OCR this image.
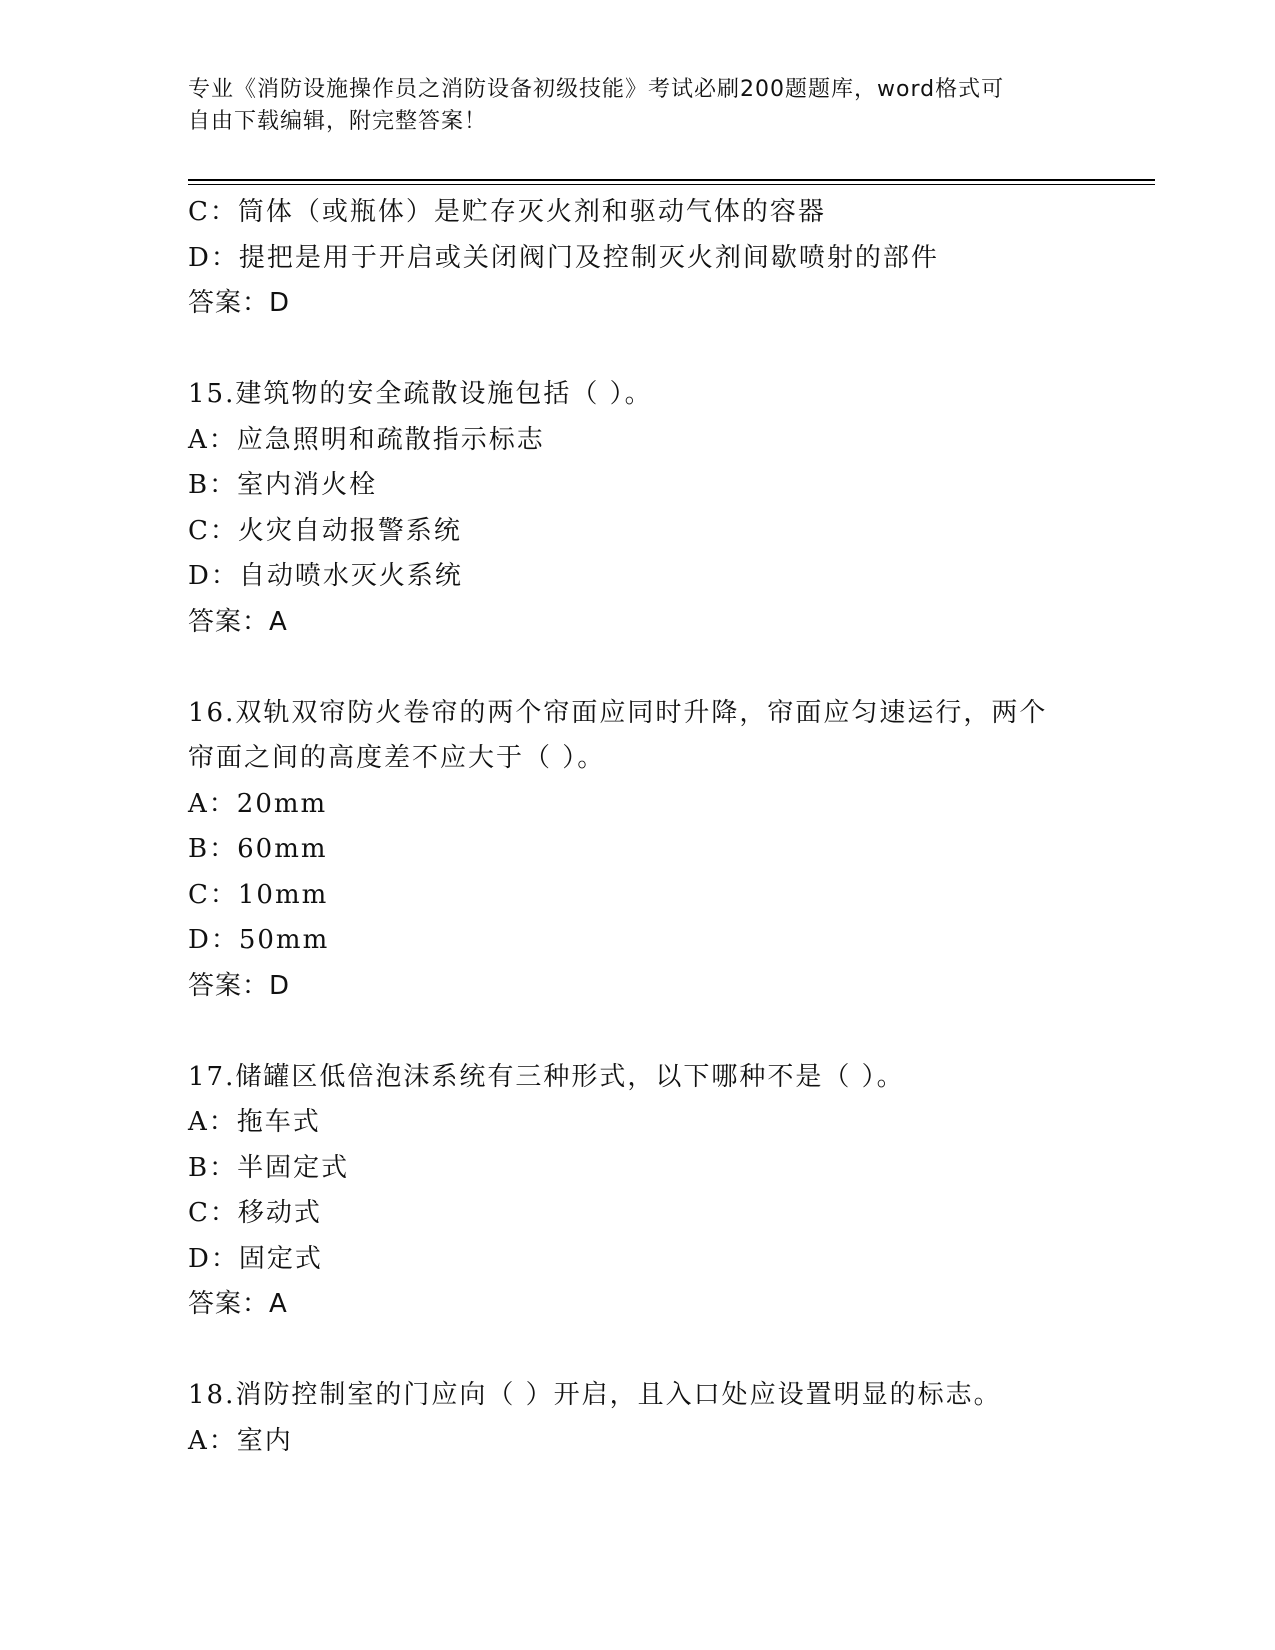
专业《消防设施操作员之消防设备初级技能》考试必刷200题题库，word格式可
自由下载编辑，附完整答案！
C：筒体（或瓶体）是贮存灭火剂和驱动气体的容器
D：提把是用于开启或关闭阀门及控制灭火剂间歇喷射的部件
答案：D
15.建筑物的安全疏散设施包括（ ）。
A：应急照明和疏散指示标志
B：室内消火栓
C：火灾自动报警系统
D：自动喷水灭火系统
答案：A
16.双轨双帘防火卷帘的两个帘面应同时升降，帘面应匀速运行，两个
帘面之间的高度差不应大于（ ）。
A：20mm
B：60mm
C：10mm
D：50mm
答案：D
17.储罐区低倍泡沫系统有三种形式，以下哪种不是（ ）。
A：拖车式
B：半固定式
C：移动式
D：固定式
答案：A
18.消防控制室的门应向（ ）开启，且入口处应设置明显的标志。
A：室内
